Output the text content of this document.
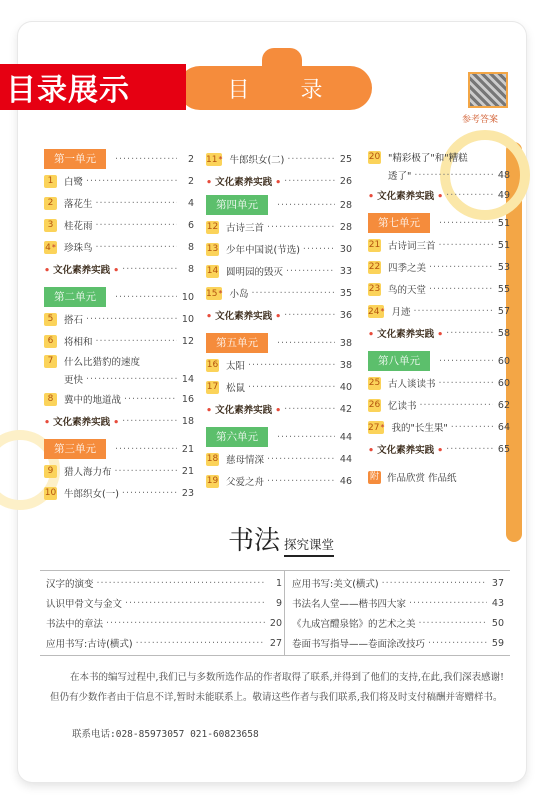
目录展示	目 录
参考答案
第一单元 ·····	2
1	白鹭 ·····	2
2	落花生 ·····	4
3	桂花雨 ·····	6
4 *	珍珠鸟 ·····	8
• 文化素养实践 • ·····	8
第二单元 ·····	10
5	搭石 ·····	10
6	将相和 ·····	12
7	什么比猎豹的速度
更快 ·····	14
8	冀中的地道战 ·····	16
• 文化素养实践 • ·····	18
第三单元 ·····	21
9	猎人海力布 ·····	21
10 牛郎织女(一) ·····	23
11 *	牛郎织女(二) ·····	25
• 文化素养实践 • ·····	26
第四单元 ·····	28
12 古诗三首 ·····	28
13 少年中国说(节选) ·····	30
14 圆明园的毁灭 ·····	33
15 *	小岛 ·····	35
• 文化素养实践 • ·····	36
第五单元 ·····	38
16 太阳 ·····	38
17 松鼠 ·····	40
• 文化素养实践 • ·····	42
第六单元 ·····	44
18 慈母情深 ·····	44
19 父爱之舟 ·····	46
20 "精彩极了"和"糟糕
透了" ·····	48
• 文化素养实践 • ·····	49
第七单元 ·····	51
21 古诗词三首 ·····	51
22 四季之美 ·····	53
23 鸟的天堂 ·····	55
24 *	月迹 ·····	57
• 文化素养实践 • ·····	58
第八单元 ·····	60
25 古人谈读书 ·····	60
26 忆读书 ·····	62
27 *	我的"长生果" ·····	64
• 文化素养实践 • ·····	65
附 作品欣赏 作品纸
书法 探究课堂
汉字的演变 ·····	1
认识甲骨文与金文 ·····	9
书法中的章法 ·····	20
应用书写:古诗(横式) ·····	27
应用书写:美文(横式) ·····	37
书法名人堂——楷书四大家 ·····	43
《九成宫醴泉铭》的艺术之美 ·····	50
卷面书写指导——卷面涂改技巧 ·····	59
在本书的编写过程中,我们已与多数所选作品的作者取得了联系,并得到了他们的支持,在此,我们深表感谢! 但仍有少数作者由于信息不详,暂时未能联系上。敬请这些作者与我们联系,我们将及时支付稿酬并寄赠样书。
联系电话:028-85973057 021-60823658
